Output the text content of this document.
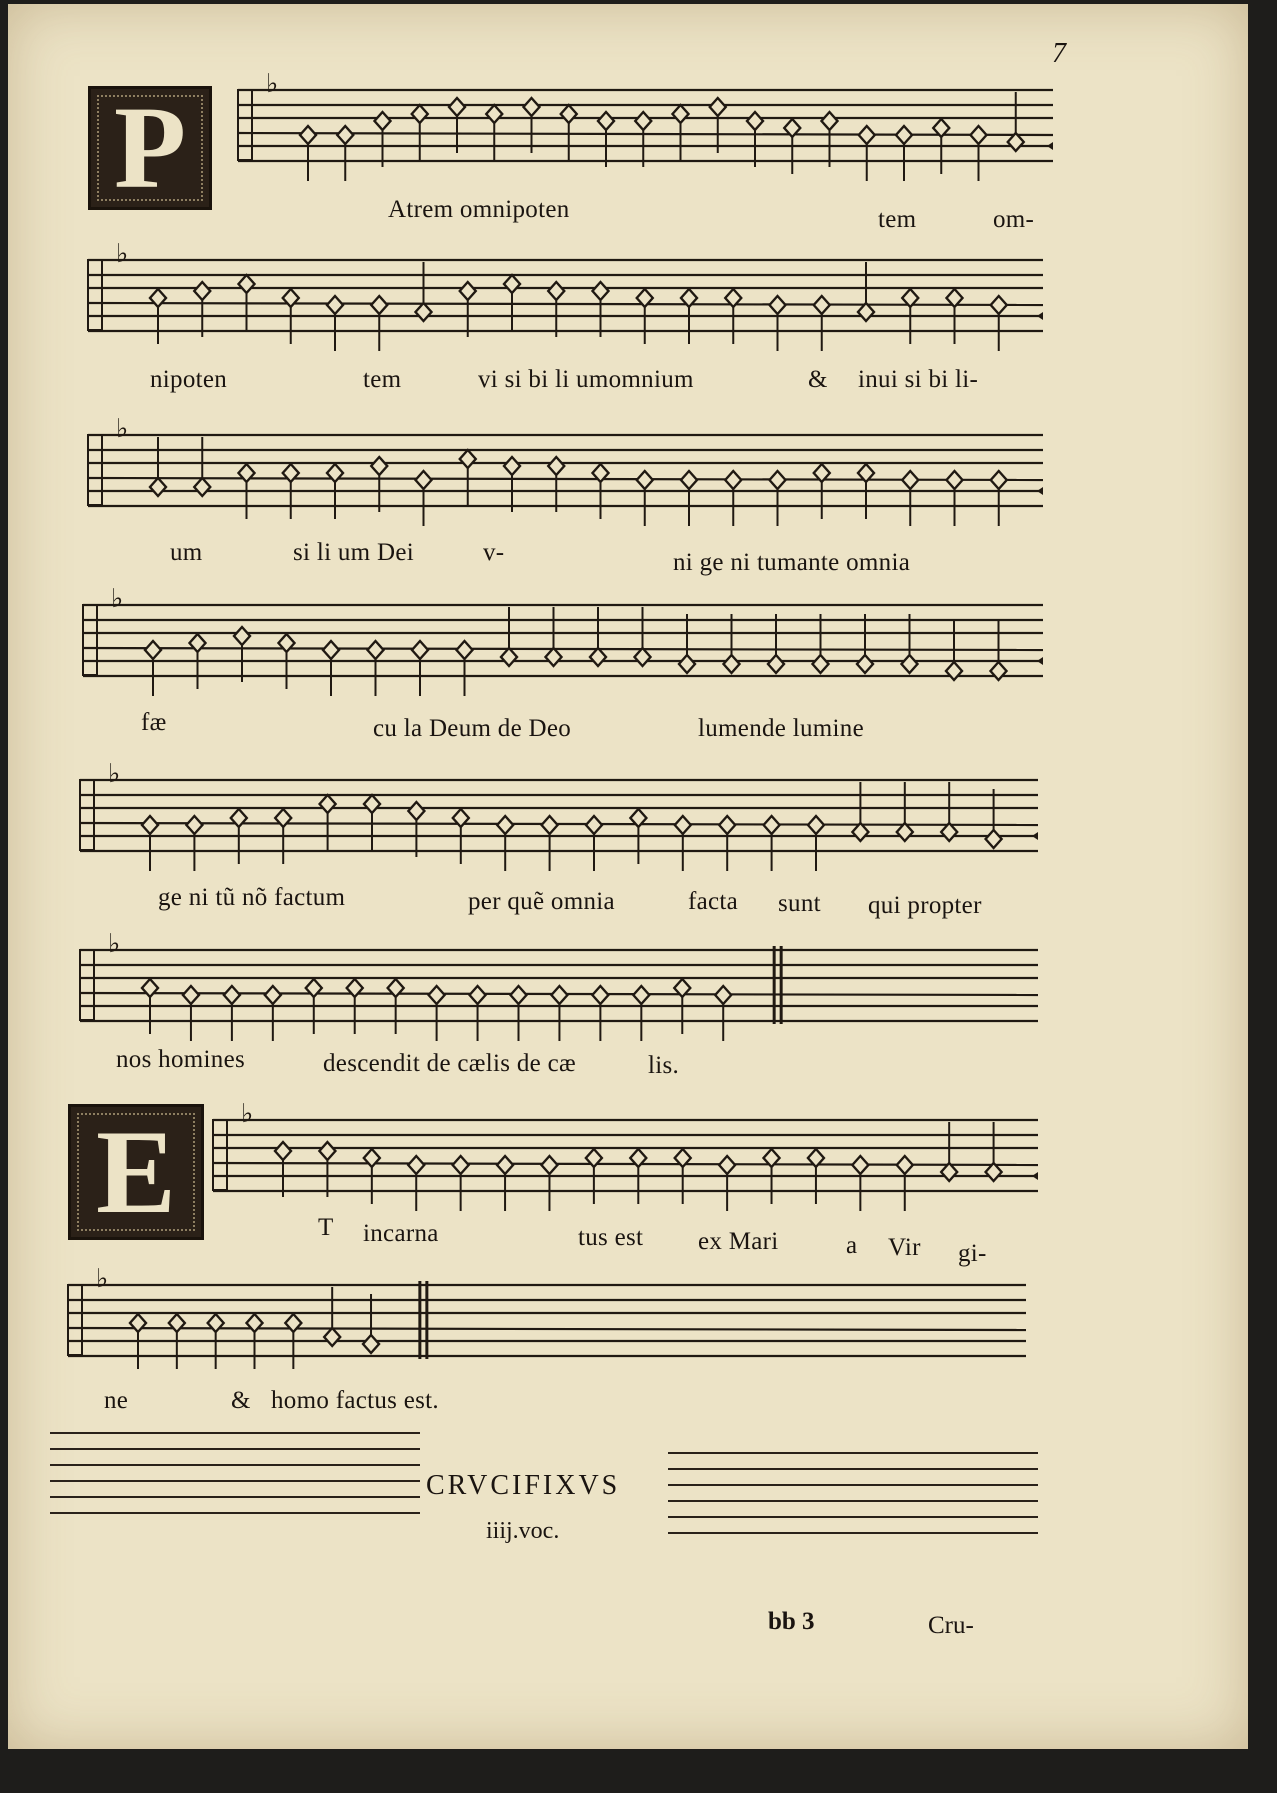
7
P	♭
Atrem omnipoten	tem	om-
♭
nipoten	tem	vi si bi li umomnium	& inui si bi li-
♭
um	si li um Dei	v-	ni ge ni tumante omnia
♭
fæ	cu la Deum de Deo	lumende lumine
♭
ge ni tũ nõ factum	per quẽ omnia	facta sunt qui propter
♭
nos homines	descendit de cælis de cæ	lis.
E	♭
T incarna	tus est ex Mari	a Vir gi-
♭
ne	& homo factus est.
CRVCIFIXVS
iiij.voc.
bb 3	Cru-
